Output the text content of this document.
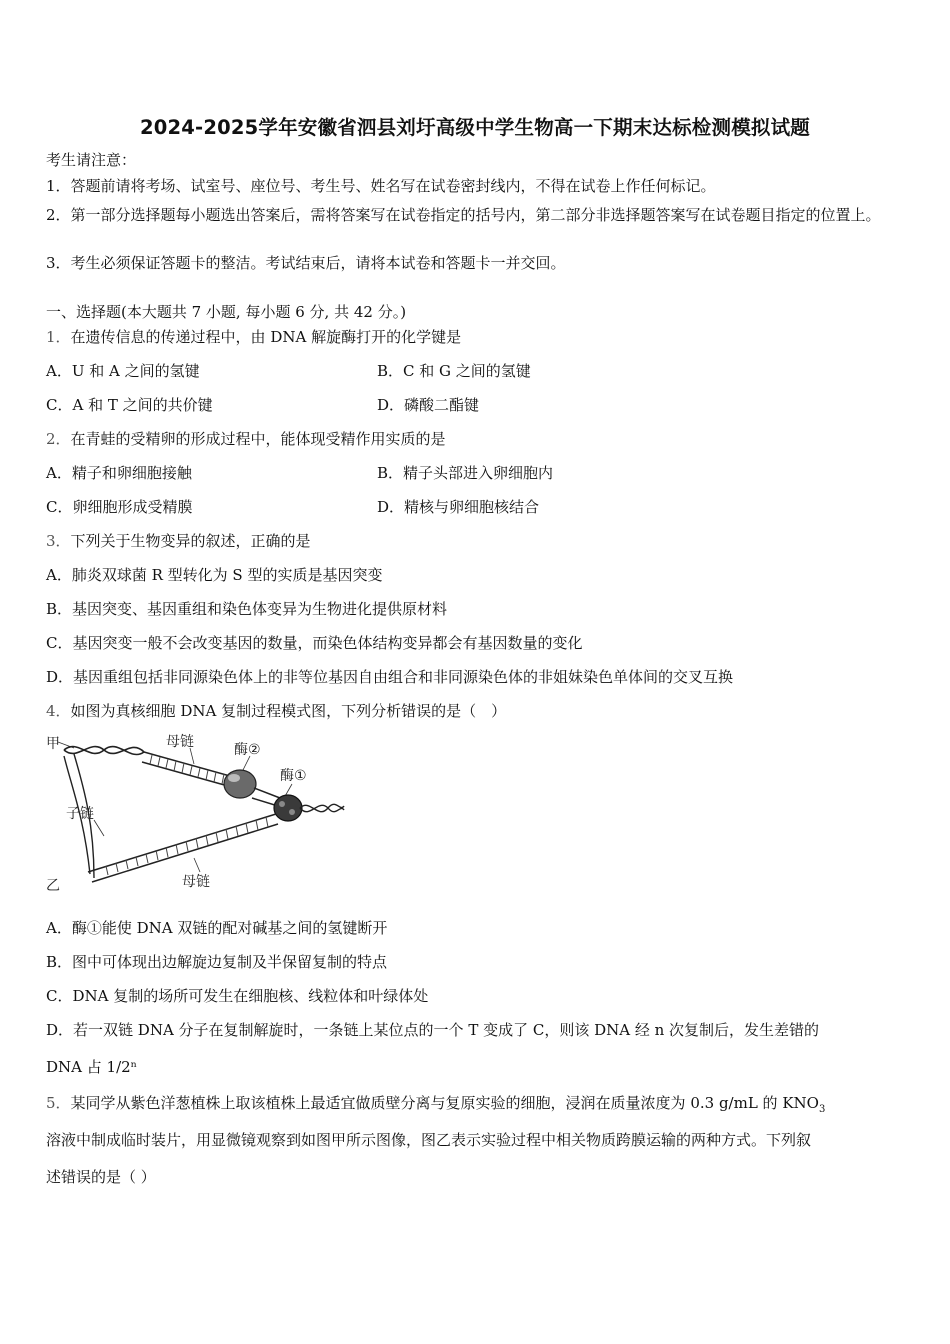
2024-2025学年安徽省泗县刘圩高级中学生物高一下期末达标检测模拟试题
考生请注意：
1．答题前请将考场、试室号、座位号、考生号、姓名写在试卷密封线内，不得在试卷上作任何标记。
2．第一部分选择题每小题选出答案后，需将答案写在试卷指定的括号内，第二部分非选择题答案写在试卷题目指定的位置上。
3．考生必须保证答题卡的整洁。考试结束后，请将本试卷和答题卡一并交回。
一、选择题(本大题共 7 小题, 每小题 6 分, 共 42 分。)
1．在遗传信息的传递过程中，由 DNA 解旋酶打开的化学键是
A．U 和 A 之间的氢键	B．C 和 G 之间的氢键
C．A 和 T 之间的共价键	D．磷酸二酯键
2．在青蛙的受精卵的形成过程中，能体现受精作用实质的是
A．精子和卵细胞接触	B．精子头部进入卵细胞内
C．卵细胞形成受精膜	D．精核与卵细胞核结合
3．下列关于生物变异的叙述，正确的是
A．肺炎双球菌 R 型转化为 S 型的实质是基因突变
B．基因突变、基因重组和染色体变异为生物进化提供原材料
C．基因突变一般不会改变基因的数量，而染色体结构变异都会有基因数量的变化
D．基因重组包括非同源染色体上的非等位基因自由组合和非同源染色体的非姐妹染色单体间的交叉互换
4．如图为真核细胞 DNA 复制过程模式图，下列分析错误的是（　）
甲	母链	酶②
酶①
子链
乙	母链
A．酶①能使 DNA 双链的配对碱基之间的氢键断开
B．图中可体现出边解旋边复制及半保留复制的特点
C．DNA 复制的场所可发生在细胞核、线粒体和叶绿体处
D．若一双链 DNA 分子在复制解旋时，一条链上某位点的一个 T 变成了 C，则该 DNA 经 n 次复制后，发生差错的
DNA 占 1/2ⁿ
5．某同学从紫色洋葱植株上取该植株上最适宜做质壁分离与复原实验的细胞，浸润在质量浓度为 0.3 g/mL 的 $KNO_3$
溶液中制成临时装片，用显微镜观察到如图甲所示图像，图乙表示实验过程中相关物质跨膜运输的两种方式。下列叙
述错误的是（ ）
